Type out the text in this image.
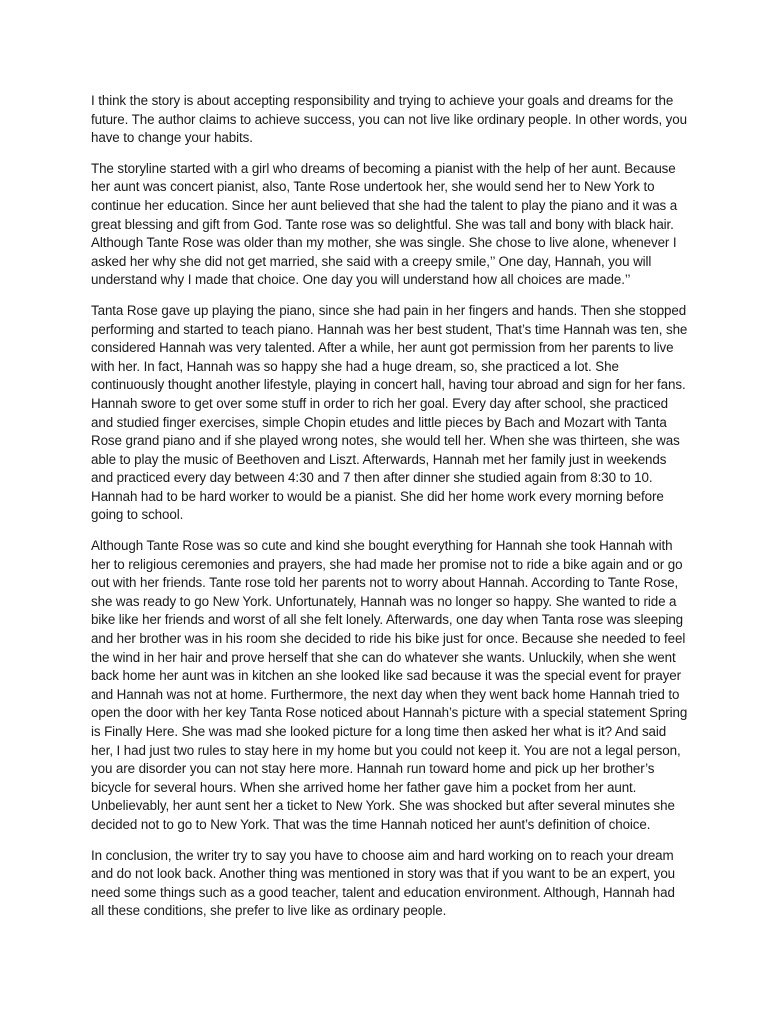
I think the story is about accepting responsibility and trying to achieve your goals and dreams for the future. The author claims to achieve success, you can not live like ordinary people. In other words, you have to change your habits.

The storyline started with a girl who dreams of becoming a pianist with the help of her aunt. Because her aunt was concert pianist, also, Tante Rose undertook her, she would send her to New York to continue her education. Since her aunt believed that she had the talent to play the piano and it was a great blessing and gift from God. Tante rose was so delightful. She was tall and bony with black hair. Although Tante Rose was older than my mother, she was single. She chose to live alone, whenever I asked her why she did not get married, she said with a creepy smile,’’ One day, Hannah, you will understand why I made that choice. One day you will understand how all choices are made.’’

Tanta Rose gave up playing the piano, since she had pain in her fingers and hands. Then she stopped performing and started to teach piano. Hannah was her best student, That’s time Hannah was ten, she considered Hannah was very talented. After a while, her aunt got permission from her parents to live with her. In fact, Hannah was so happy she had a huge dream, so, she practiced a lot. She continuously thought another lifestyle, playing in concert hall, having tour abroad and sign for her fans. Hannah swore to get over some stuff in order to rich her goal. Every day after school, she practiced and studied finger exercises, simple Chopin etudes and little pieces by Bach and Mozart with Tanta Rose grand piano and if she played wrong notes, she would tell her. When she was thirteen, she was able to play the music of Beethoven and Liszt. Afterwards, Hannah met her family just in weekends and practiced every day between 4:30 and 7 then after dinner she studied again from 8:30 to 10. Hannah had to be hard worker to would be a pianist. She did her home work every morning before going to school.

Although Tante Rose was so cute and kind she bought everything for Hannah she took Hannah with her to religious ceremonies and prayers, she had made her promise not to ride a bike again and or go out with her friends. Tante rose told her parents not to worry about Hannah. According to Tante Rose, she was ready to go New York. Unfortunately, Hannah was no longer so happy. She wanted to ride a bike like her friends and worst of all she felt lonely. Afterwards, one day when Tanta rose was sleeping and her brother was in his room she decided to ride his bike just for once. Because she needed to feel the wind in her hair and prove herself that she can do whatever she wants. Unluckily, when she went back home her aunt was in kitchen an she looked like sad because it was the special event for prayer and Hannah was not at home. Furthermore, the next day when they went back home Hannah tried to open the door with her key Tanta Rose noticed about Hannah’s picture with a special statement Spring is Finally Here. She was mad she looked picture for a long time then asked her what is it? And said her, I had just two rules to stay here in my home but you could not keep it. You are not a legal person, you are disorder you can not stay here more. Hannah run toward home and pick up her brother’s bicycle for several hours. When she arrived home her father gave him a pocket from her aunt. Unbelievably, her aunt sent her a ticket to New York. She was shocked but after several minutes she decided not to go to New York. That was the time Hannah noticed her aunt’s definition of choice.

In conclusion, the writer try to say you have to choose aim and hard working on to reach your dream and do not look back. Another thing was mentioned in story was that if you want to be an expert, you need some things such as a good teacher, talent and education environment. Although, Hannah had all these conditions, she prefer to live like as ordinary people.
